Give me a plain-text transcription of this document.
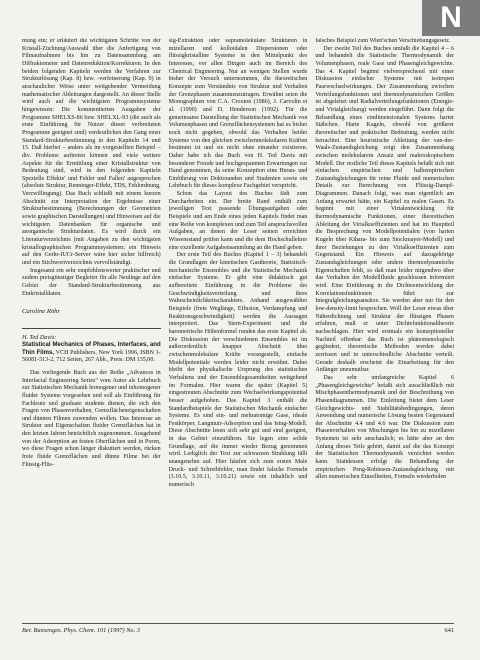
N

mung ein; er erläutert die wichtigsten Schritte von der Kristall-Züchtung/Auswahl über die Anfertigung von Filmaufnahmen bis hin zu Datensammlung am Diffraktometer und Datenreduktion/Korrekturen. In den beiden folgenden Kapiteln werden die Verfahren zur Strukturlösung (Kap. 8) bzw. -verfeinerung (Kap. 9) in anschaulicher Weise unter weitgehender Vermeidung mathematischer Ableitungen dargestellt. An dieser Stelle wird auch auf die wichtigsten Programmsysteme hingewiesen: Die kommentierten Ausgaben der Programme SHELXS-86 bzw. SHELXL-93 (die auch als erste Einführung für Nutzer dieser verbreiteten Programme geeignet sind) verdeutlichen den Gang einer Standard-Strukturbestimmung in den Kapiteln 14 und 15. Daß hierbei – anders als im vorgestellten Beispiel – div. Probleme auftreten können und viele weitere Aspekte für die Ermittlung einer Kristallstruktur von Bedeutung sind, wird in den folgenden Kapiteln Spezielle Effekte' und Fehler und Fallen' angesprochen (absolute Struktur, Renninger-Effekt, TDS, Fehlordnung, Verzwillingung). Das Buch schließt mit einem kurzen Abschnitt zur Interpretation der Ergebnisse einer Strukturbestimmung (Berechnungen der Geometrien sowie graphischen Darstellungen) und Hinweisen auf die wichtigsten Datenbanken für organische und anorganische Strukturdaten. Es wird durch ein Literaturverzeichnis (mit Angaben zu den wichtigsten kristallographischen Programmsystemen; ein Hinweis auf den Gerhr-IUCr-Server wäre hier sicher hilfreich) und ein Stichwortverzeichnis vervollständigt.

Insgesamt ein sehr empfehlenswerter praktischer und zudem preisgünstiger Begleiter für alle Neulinge auf den Gebiet der Standard-Strukturbestimmung aus Einkristalldaten.

Caroline Röhr
H. Ted Davis:
Statistical Mechanics of Phases, Interfaces, and Thin Films, VCH Publishers, New York 1996, ISBN 1-56081-513-2, 712 Seiten, 267 Abb., Preis: DM 135,00.

Das vorliegende Buch aus der Reihe „Advances in Interfacial Engineering Series" vom Autor als Lehrbuch zur Statistischen Mechanik homogener und inhomogener fluider Systeme vorgesehen und soll als Einführung für Fachleute und graduate students dienen, die sich den Fragen von Phasenverhalten, Grenzflächeneigenschaften und dünnen Filmen zuwenden wollen. Das Interesse an Struktur und Eigenschaften fluider Grenzflächen hat in den letzten Jahren beträchtlich zugenommen. Ausgehend von der Adsorption an festen Oberflächen und in Poren, wo diese Fragen schon länger diskutiert werden, rücken freie fluide Grenzflächen und dünne Filme bei der Flüssig-Flüs-

sig-Extraktion oder supramolekulare Strukturen in mizellaren und kolloidalen Dispersionen oder flüssigkristalline Systeme in den Mittelpunkt des Interesses, vor allen Dingen auch im Bereich des Chemical Engineering. Nur an wenigen Stellen wurde bisher der Versuch unternommen, die theoretischen Konzepte zum Verständnis von Struktur und Verhalten der Grenzphasen zusammenzutragen. Erwähnt seien die Monographien von C.A. Croxton (1986), J. Carvolin et al. (1990) und D. Henderson (1992). Für die gemeinsame Darstellung der Statistischen Mechanik von Volumenphasen und Grenzflächensystemen hat es bisher noch nicht gegeben, obwohl das Verhalten beider Systeme von den gleichen zwischenmolekularen Kräften bestimmt ist und sie nicht ohne einander existieren. Daher habe ich das Buch von H. Ted Davis mit besonderer Freude und hochgespannten Erwartungen zur Hand genommen, da seine Konzeption eine Heran- und Einführung von Doktoranden und Studenten sowie ein Lehrbuch für dieses komplexe Fachgebiet verspricht.

Schon das Layout des Buches fädt zum Durcharbeiten ein. Der breite Rand enthält zum jeweiligen Text passende Übungsaufgaben oder Beispiele und am Ende eines jeden Kapitels findet man eine Reihe von komplexen und zum Teil anspruchsvollen Aufgaben, an denen der Leser seinen erreichten Wissensstand prüfen kann und die dem Hochschullehrer eine exzellente Aufgabensammlung an die Hand geben.

Der erste Teil des Buches (Kapitel 1 – 3) behandelt die Grundlagen der kinetischen Gastheorie, Statistisch-mechanische Ensembles und die Statistische Mechanik einfacher Systeme. Er gibt eine didaktisch gut aufbereitete Einführung in die Probleme der Geschwindigkeitsverteilung und ihres Wahrscheinlichkeitscharakters. Anhand ausgewählter Beispiele (freie Weglänge, Effusion, Verdampfung und Reaktionsgeschwindigkeit) werden die Aussagen interpretiert. Das Stern-Experiment und die barometrische Höhenformel runden das erste Kapitel ab. Die Diskussion der verschiedenen Ensembles ist im außerordentlich knapper Abschnitt über zwischenmolekulare Kräfte vorangestellt, einfache Modellpotentiale werden leider nicht erwähnt. Daher bleibt der physikalische Ursprung des statistischen Verhaltens und der Ensemblegesamtheiten weitgehend im Formalen. Hier waren die später (Kapitel 5) eingestreuten Abschnitte zum Wechselwirkungspotential besser aufgehoben. Das Kapitel 3 enthält die Standardbeispiele der Statistischen Mechanik einfacher Systeme. Es sind ein- und mehratomige Gase, ideale Festkörper, Langmuir-Adsorption und das Ising-Modell. Diese Abschnitte lesen sich sehr gut und sind geeignet, in das Gebiet einzuführen. Sie legen eine solide Grundlage, auf die immer wieder Bezug genommen wird. Lediglich der Text zur schwarzen Strahlung fällt unangenehm auf. Hier häufen sich zum ersten Male Druck- und Schreibfehler, man findet falsche Formeln (3.10.5, 3.10.11, 3.10.21) sowie ein inhaltlich und numerisch

falsches Beispiel zum Wien'schen Verschiebungsgesetz.

Der zweite Teil des Buches umfaßt die Kapitel 4 – 6 und behandelt die Statistische Thermodynamik der Volumenphasen, reale Gase und Phasengleichgewichte. Das 4. Kapitel beginnt vielversprechend mit einer Diskussion einfacher Systeme mit isotropen Paarwechselwirkungen. Der Zusammenhang zwischen Verteilungsfunktionen und thermodynamischen Größen ist abgeleitet und Radialverteilungsfunktionen (Energie- und Virialgleichung) werden eingeführt. Dann folgt die Behandlung eines eindimensionalen Systems harter Stäbchen. Harte Kugeln, obwohl von größerer theoretischer und praktischer Bedeutung, werden nicht betrachtet. Eine heuristische Ableitung der van-der-Waals-Zustandsgleichung zeigt den Zusammenhang zwischen molekularem Ansatz und makroskopischem Modell. Der restliche Teil dieses Kapitels befaßt sich mit einfachen empirischen und halbempirischen Zustandsgleichungen für reine Fluide und numerischen Details zur Berechnung von Flüssig-Dampf-Diagrammen. Danach folgt, was man eigentlich am Anfang erwartet hätte, ein Kapitel zu realen Gasen. Es beginnt mit einer Virialentwicklung für thermodynamische Funktionen, einer theoretischen Ableitung der Virialkoeffizienten und hat im Hauptteil die Besprechung von Modellpotentialen (von harten Kugeln über Kihara- bis zum Stockmayer-Modell) und ihrer Beziehungen zu den Virialkoeffizienten zum Gegenstand. Ein Hinweis auf dazugehörige Zustandsgleichungen oder andere thermodynamische Eigenschaften fehlt, so daß man leider nirgendwo über das Verhalten der Modellfluide geschlossen informiert wird. Eine Einführung in die Dichteentwicklung der Korrelationsfunktionen führt zur Integralgleichungsansätze. Sie werden aber nur für den low-density-limit besprochen. Woll der Leser etwas über Näherdichtung und Struktur der flüssigen Phasen erfahren, muß er unter Dichtefunktionaltheorie nachschlagen. Hier wird erstmals ein konzeptioneller Nachteil offenbar: das Buch ist phänomenologisch gegliedert, theoretische Methoden werden dabei zerrissen und in unterschiedliche Abschnitte verteilt. Gerade deshalb erscheint die Einarbeitung für den Anfänger unzumutbar.

Das sehr umfangreiche Kapitel 6 „Phasengleichgewichte" befaßt sich ausschließlich mit Mischphasenthermodynamik und der Beschreibung von Phasendiagrammen. Die Einleitung bietet dem Leser Gleichgewichts- und Stabilitätsbedingungen, deren Anwendung und numerische Lösung besten Gegenstand der Abschnitte 4.4 und 4.6 war. Die Diskussion zum Phasenverhalten von Mischungen bis hin zu mizellaren Systemen ist sehr anschaulich; es hätte aber an den Anfang dieses Teils gehört, damit auf die das Konzept der Statistischen Thermodynamik verzichtet werden kann. Stattdessen erfolgt die Behandlung der empirischen Peng-Robinson-Zustandsgleichung mit allen numerischen Einzelheiten, Formeln wiederholen

Ber. Bunsenges. Phys. Chem. 101 (1997) No. 3	641
